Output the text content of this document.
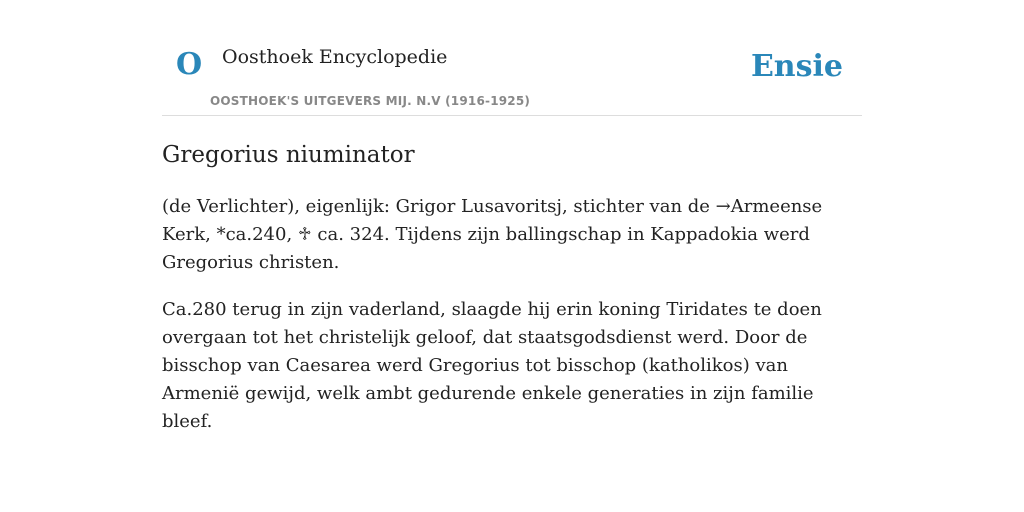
O Oosthoek Encyclopedie
OOSTHOEK'S UITGEVERS MIJ. N.V (1916-1925)
Ensie
Gregorius niuminator

(de Verlichter), eigenlijk: Grigor Lusavoritsj, stichter van de →Armeense Kerk, *ca.240, ♱ ca. 324. Tijdens zijn ballingschap in Kappadokia werd Gregorius christen.

Ca.280 terug in zijn vaderland, slaagde hij erin koning Tiridates te doen overgaan tot het christelijk geloof, dat staatsgodsdienst werd. Door de bisschop van Caesarea werd Gregorius tot bisschop (katholikos) van Armenië gewijd, welk ambt gedurende enkele generaties in zijn familie bleef.
